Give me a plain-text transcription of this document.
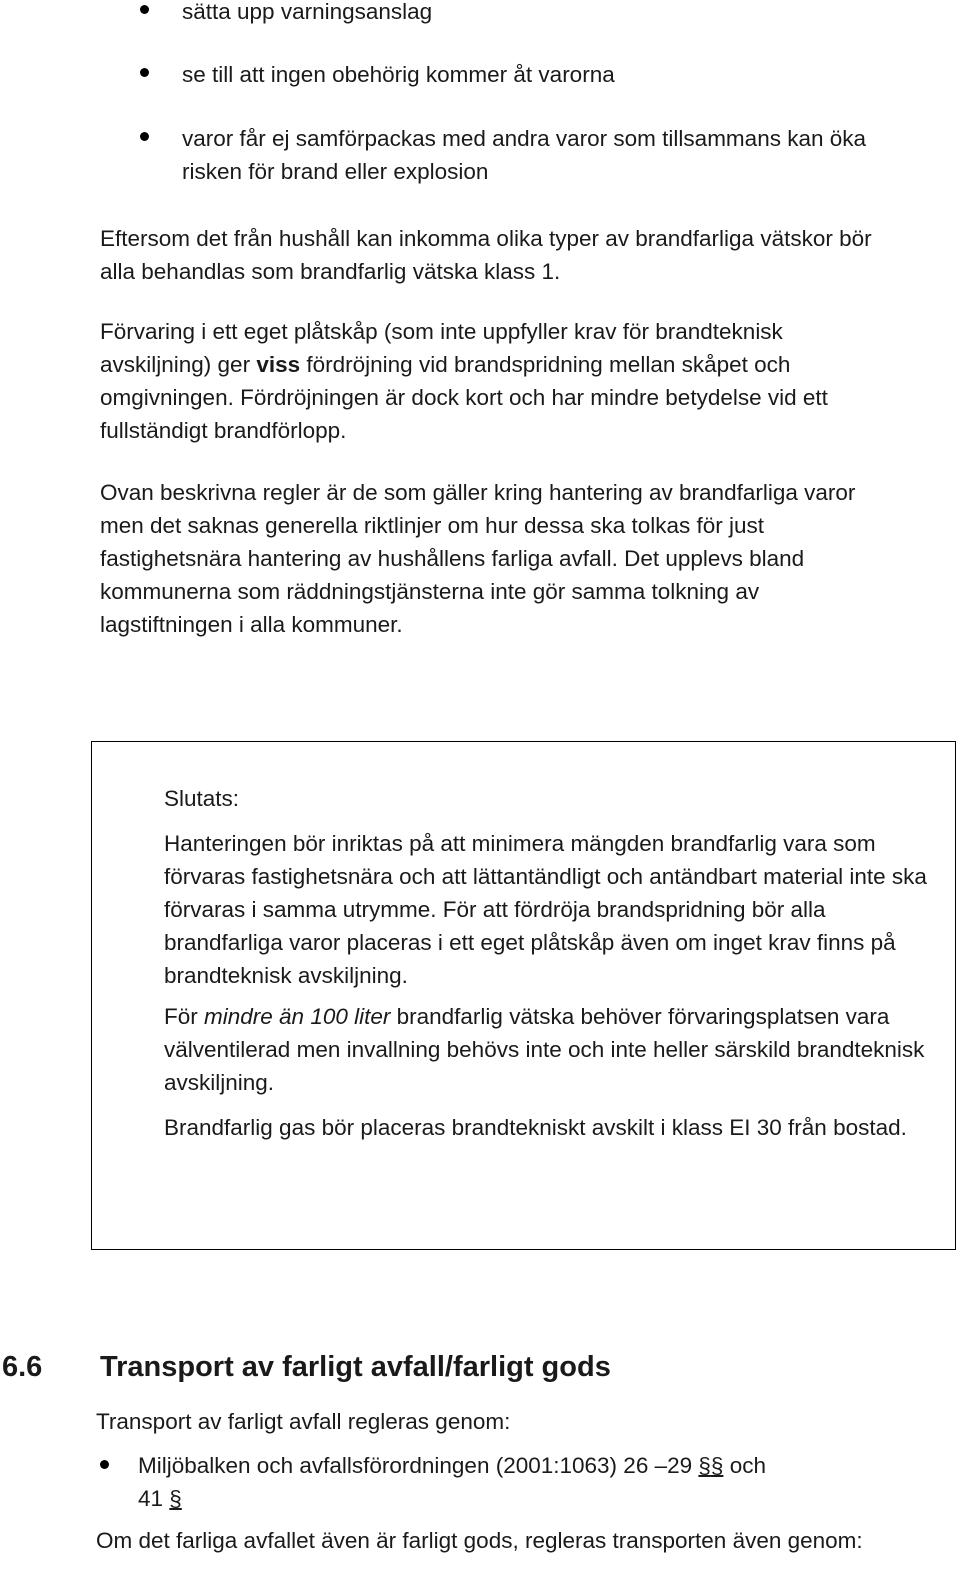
sätta upp varningsanslag
se till att ingen obehörig kommer åt varorna
varor får ej samförpackas med andra varor som tillsammans kan öka risken för brand eller explosion

Eftersom det från hushåll kan inkomma olika typer av brandfarliga vätskor bör alla behandlas som brandfarlig vätska klass 1.

Förvaring i ett eget plåtskåp (som inte uppfyller krav för brandteknisk avskiljning) ger viss fördröjning vid brandspridning mellan skåpet och omgivningen. Fördröjningen är dock kort och har mindre betydelse vid ett fullständigt brandförlopp.

Ovan beskrivna regler är de som gäller kring hantering av brandfarliga varor men det saknas generella riktlinjer om hur dessa ska tolkas för just fastighetsnära hantering av hushållens farliga avfall. Det upplevs bland kommunerna som räddningstjänsterna inte gör samma tolkning av lagstiftningen i alla kommuner.

Slutats:

Hanteringen bör inriktas på att minimera mängden brandfarlig vara som förvaras fastighetsnära och att lättantändligt och antändbart material inte ska förvaras i samma utrymme. För att fördröja brandspridning bör alla brandfarliga varor placeras i ett eget plåtskåp även om inget krav finns på brandteknisk avskiljning.

För mindre än 100 liter brandfarlig vätska behöver förvaringsplatsen vara välventilerad men invallning behövs inte och inte heller särskild brandteknisk avskiljning.

Brandfarlig gas bör placeras brandtekniskt avskilt i klass EI 30 från bostad.

6.6 Transport av farligt avfall/farligt gods

Transport av farligt avfall regleras genom:

Miljöbalken och avfallsförordningen (2001:1063) 26 –29 §§ och
41 §

Om det farliga avfallet även är farligt gods, regleras transporten även genom:
